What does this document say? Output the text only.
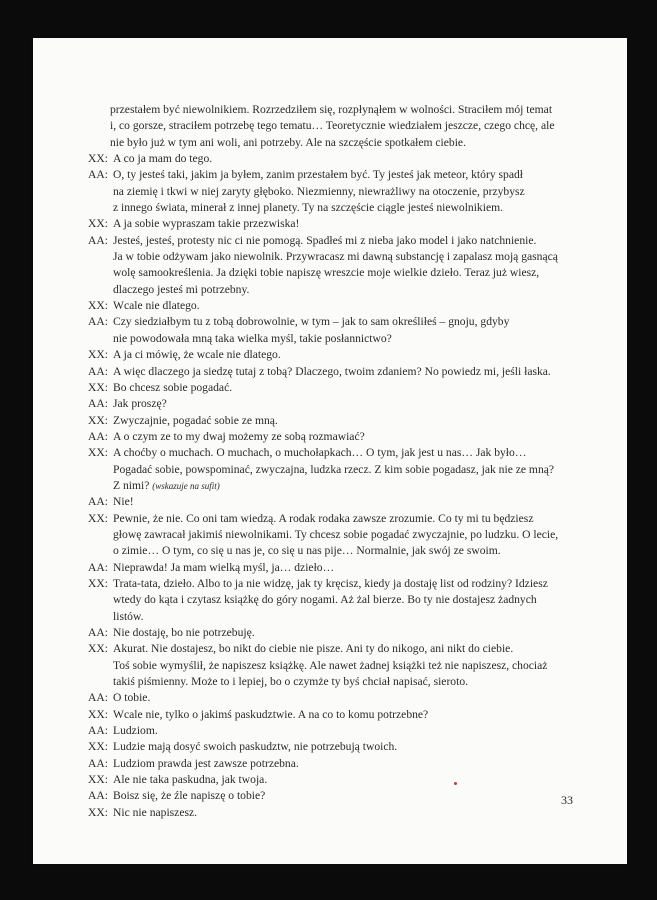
przestałem być niewolnikiem. Rozrzedziłem się, rozpłynąłem w wolności. Straciłem mój temat
i, co gorsze, straciłem potrzebę tego tematu… Teoretycznie wiedziałem jeszcze, czego chcę, ale
nie było już w tym ani woli, ani potrzeby. Ale na szczęście spotkałem ciebie.
XX: A co ja mam do tego.
AA: O, ty jesteś taki, jakim ja byłem, zanim przestałem być. Ty jesteś jak meteor, który spadł
na ziemię i tkwi w niej zaryty głęboko. Niezmienny, niewrażliwy na otoczenie, przybysz
z innego świata, minerał z innej planety. Ty na szczęście ciągle jesteś niewolnikiem.
XX: A ja sobie wypraszam takie przezwiska!
AA: Jesteś, jesteś, protesty nic ci nie pomogą. Spadłeś mi z nieba jako model i jako natchnienie.
Ja w tobie odżywam jako niewolnik. Przywracasz mi dawną substancję i zapalasz moją gasnącą
wolę samookreślenia. Ja dzięki tobie napiszę wreszcie moje wielkie dzieło. Teraz już wiesz,
dlaczego jesteś mi potrzebny.
XX: Wcale nie dlatego.
AA: Czy siedziałbym tu z tobą dobrowolnie, w tym – jak to sam określiłeś – gnoju, gdyby
nie powodowała mną taka wielka myśl, takie posłannictwo?
XX: A ja ci mówię, że wcale nie dlatego.
AA: A więc dlaczego ja siedzę tutaj z tobą? Dlaczego, twoim zdaniem? No powiedz mi, jeśli łaska.
XX: Bo chcesz sobie pogadać.
AA: Jak proszę?
XX: Zwyczajnie, pogadać sobie ze mną.
AA: A o czym ze to my dwaj możemy ze sobą rozmawiać?
XX: A choćby o muchach. O muchach, o muchołapkach… O tym, jak jest u nas… Jak było…
Pogadać sobie, powspominać, zwyczajna, ludzka rzecz. Z kim sobie pogadasz, jak nie ze mną?
Z nimi? (wskazuje na sufit)
AA: Nie!
XX: Pewnie, że nie. Co oni tam wiedzą. A rodak rodaka zawsze zrozumie. Co ty mi tu będziesz
głowę zawracał jakimiś niewolnikami. Ty chcesz sobie pogadać zwyczajnie, po ludzku. O lecie,
o zimie… O tym, co się u nas je, co się u nas pije… Normalnie, jak swój ze swoim.
AA: Nieprawda! Ja mam wielką myśl, ja… dzieło…
XX: Trata-tata, dzieło. Albo to ja nie widzę, jak ty kręcisz, kiedy ja dostaję list od rodziny? Idziesz
wtedy do kąta i czytasz książkę do góry nogami. Aż żal bierze. Bo ty nie dostajesz żadnych
listów.
AA: Nie dostaję, bo nie potrzebuję.
XX: Akurat. Nie dostajesz, bo nikt do ciebie nie pisze. Ani ty do nikogo, ani nikt do ciebie.
Toś sobie wymyślił, że napiszesz książkę. Ale nawet żadnej książki też nie napiszesz, chociaż
takiś piśmienny. Może to i lepiej, bo o czymże ty byś chciał napisać, sieroto.
AA: O tobie.
XX: Wcale nie, tylko o jakimś paskudztwie. A na co to komu potrzebne?
AA: Ludziom.
XX: Ludzie mają dosyć swoich paskudztw, nie potrzebują twoich.
AA: Ludziom prawda jest zawsze potrzebna.
XX: Ale nie taka paskudna, jak twoja.
AA: Boisz się, że źle napiszę o tobie?
XX: Nic nie napiszesz.
33
